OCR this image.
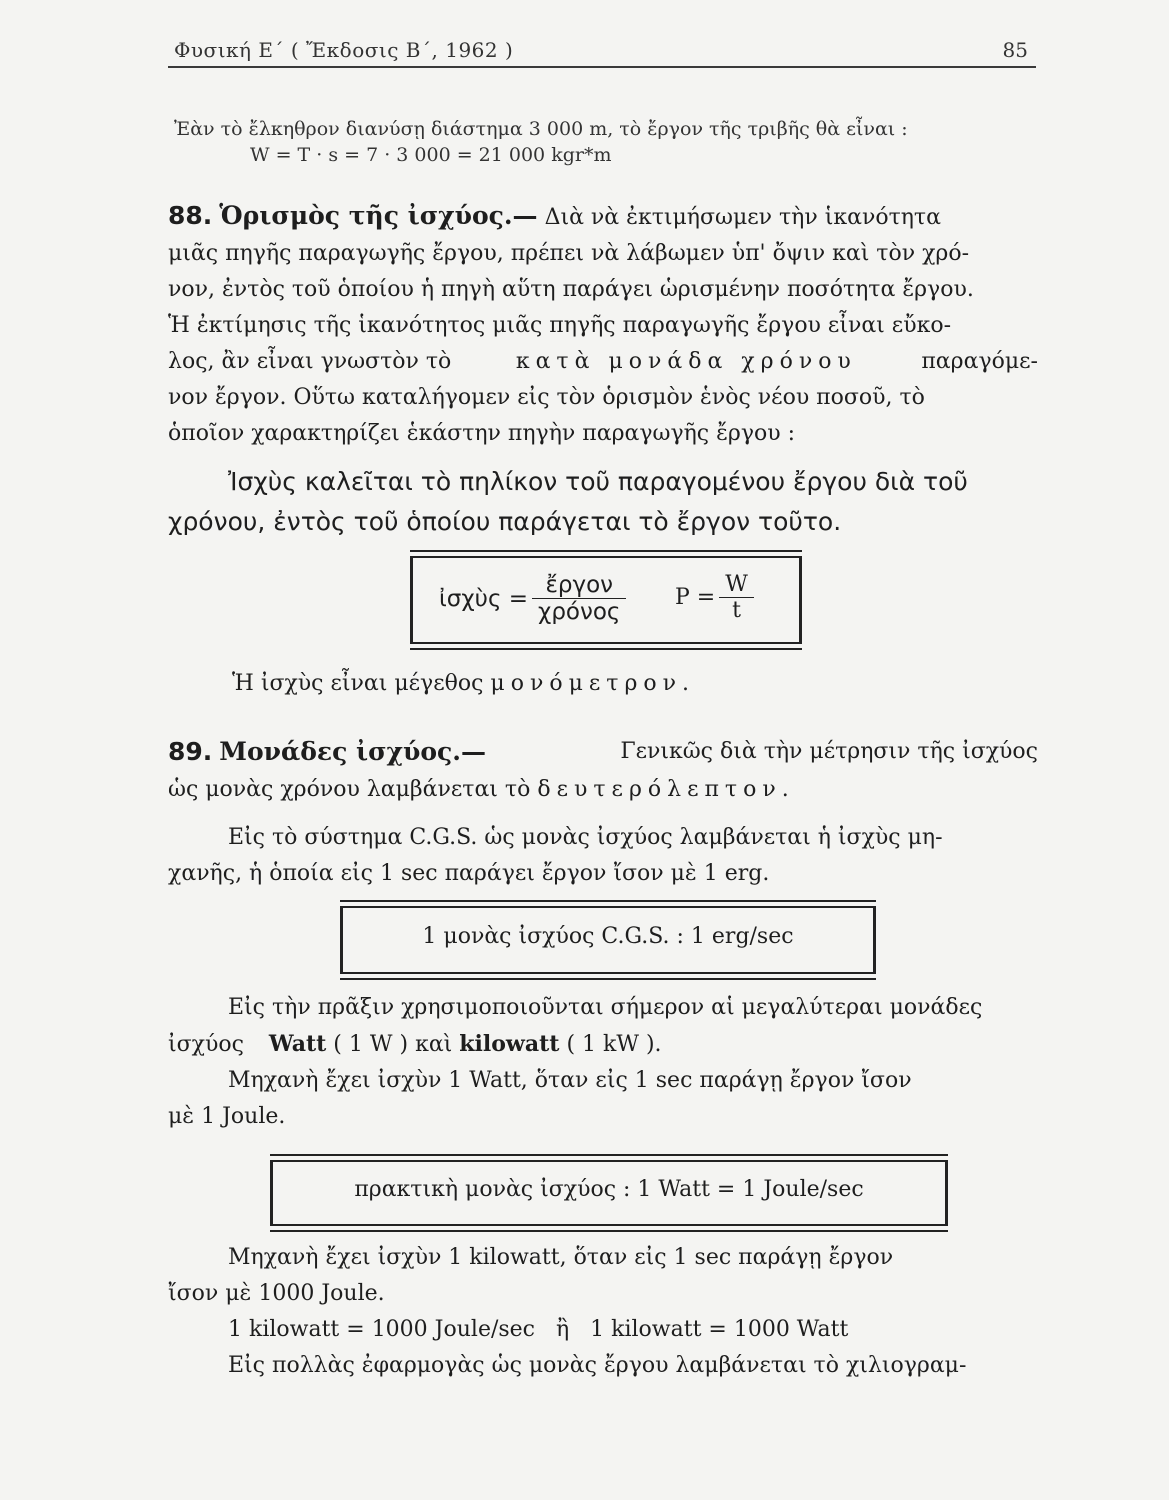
Φυσική Ε΄ ( Ἔκδοσις Β΄, 1962 )	85
Ἐὰν τὸ ἔλκηθρον διανύσῃ διάστημα 3 000 m, τὸ ἔργον τῆς τριβῆς θὰ εἶναι :
W = T · s = 7 · 3 000 = 21 000 kgr*m
88. Ὁρισμὸς τῆς ἰσχύος.— Διὰ νὰ ἐκτιμήσωμεν τὴν ἱκανότητα
μιᾶς πηγῆς παραγωγῆς ἔργου, πρέπει νὰ λάβωμεν ὑπ' ὄψιν καὶ τὸν χρό-
νον, ἐντὸς τοῦ ὁποίου ἡ πηγὴ αὕτη παράγει ὡρισμένην ποσότητα ἔργου.
Ἡ ἐκτίμησις τῆς ἱκανότητος μιᾶς πηγῆς παραγωγῆς ἔργου εἶναι εὔκο-
λος, ἂν εἶναι γνωστὸν τὸ	κατὰ μονάδα χρόνου	παραγόμε-
νον ἔργον. Οὕτω καταλήγομεν εἰς τὸν ὁρισμὸν ἑνὸς νέου ποσοῦ, τὸ
ὁποῖον χαρακτηρίζει ἑκάστην πηγὴν παραγωγῆς ἔργου :
Ἰσχὺς καλεῖται τὸ πηλίκον τοῦ παραγομένου ἔργου διὰ τοῦ
χρόνου, ἐντὸς τοῦ ὁποίου παράγεται τὸ ἔργον τοῦτο.
ἰσχὺς = $\frac{\text{ἔργον}}{\text{χρόνος}}$ $P = \frac{W}{t}$
Ἡ ἰσχὺς εἶναι μέγεθος μονόμετρον.
89. Μονάδες ἰσχύος.—	Γενικῶς διὰ τὴν μέτρησιν τῆς ἰσχύος
ὡς μονὰς χρόνου λαμβάνεται τὸ δευτερόλεπτον.
Εἰς τὸ σύστημα C.G.S. ὡς μονὰς ἰσχύος λαμβάνεται ἡ ἰσχὺς μη-
χανῆς, ἡ ὁποία εἰς 1 sec παράγει ἔργον ἴσον μὲ 1 erg.
1 μονὰς ἰσχύος C.G.S. : 1 erg/sec
Εἰς τὴν πρᾶξιν χρησιμοποιοῦνται σήμερον αἱ μεγαλύτεραι μονάδες
ἰσχύος Watt ( 1 W ) καὶ kilowatt ( 1 kW ).
Μηχανὴ ἔχει ἰσχὺν 1 Watt, ὅταν εἰς 1 sec παράγῃ ἔργον ἴσον
μὲ 1 Joule.
πρακτικὴ μονὰς ἰσχύος : 1 Watt = 1 Joule/sec
Μηχανὴ ἔχει ἰσχὺν 1 kilowatt, ὅταν εἰς 1 sec παράγῃ ἔργον
ἴσον μὲ 1000 Joule.
1 kilowatt = 1000 Joule/sec   ἢ   1 kilowatt = 1000 Watt
Εἰς πολλὰς ἐφαρμογὰς ὡς μονὰς ἔργου λαμβάνεται τὸ χιλιογραμ-
